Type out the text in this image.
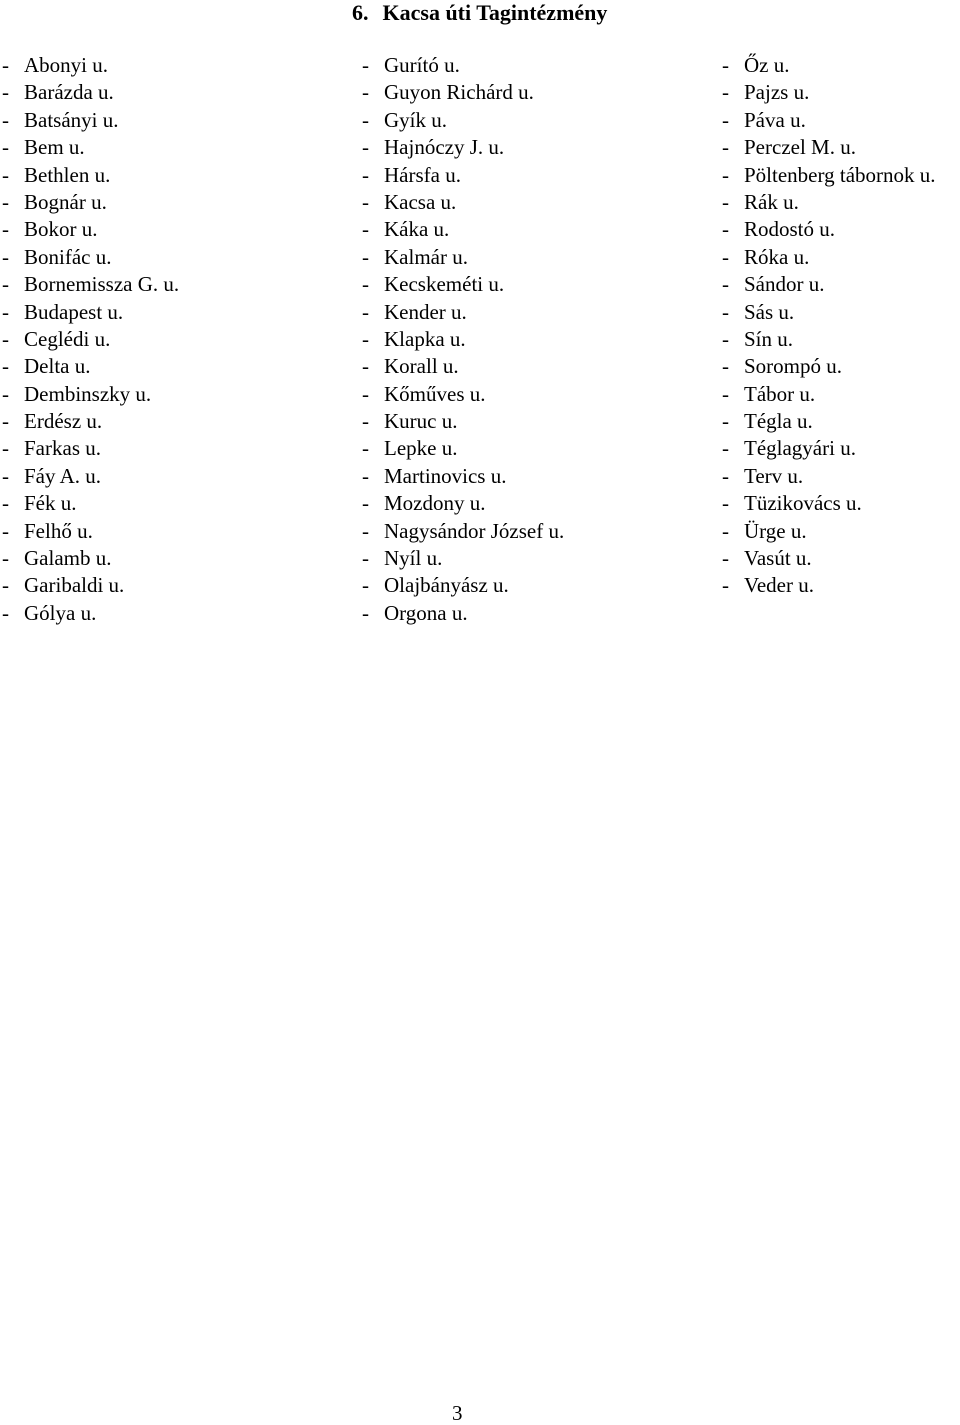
6. Kacsa úti Tagintézmény
- Abonyi u.
- Barázda u.
- Batsányi u.
- Bem u.
- Bethlen u.
- Bognár u.
- Bokor u.
- Bonifác u.
- Bornemissza G. u.
- Budapest u.
- Ceglédi u.
- Delta u.
- Dembinszky u.
- Erdész u.
- Farkas u.
- Fáy A. u.
- Fék u.
- Felhő u.
- Galamb u.
- Garibaldi u.
- Gólya u.
- Gurító u.
- Guyon Richárd u.
- Gyík u.
- Hajnóczy J. u.
- Hársfa u.
- Kacsa u.
- Káka u.
- Kalmár u.
- Kecskeméti u.
- Kender u.
- Klapka u.
- Korall u.
- Kőműves u.
- Kuruc u.
- Lepke u.
- Martinovics u.
- Mozdony u.
- Nagysándor József u.
- Nyíl u.
- Olajbányász u.
- Orgona u.
- Őz u.
- Pajzs u.
- Páva u.
- Perczel M. u.
- Pöltenberg tábornok u.
- Rák u.
- Rodostó u.
- Róka u.
- Sándor u.
- Sás u.
- Sín u.
- Sorompó u.
- Tábor u.
- Tégla u.
- Téglagyári u.
- Terv u.
- Tüzikovács u.
- Ürge u.
- Vasút u.
- Veder u.
3
